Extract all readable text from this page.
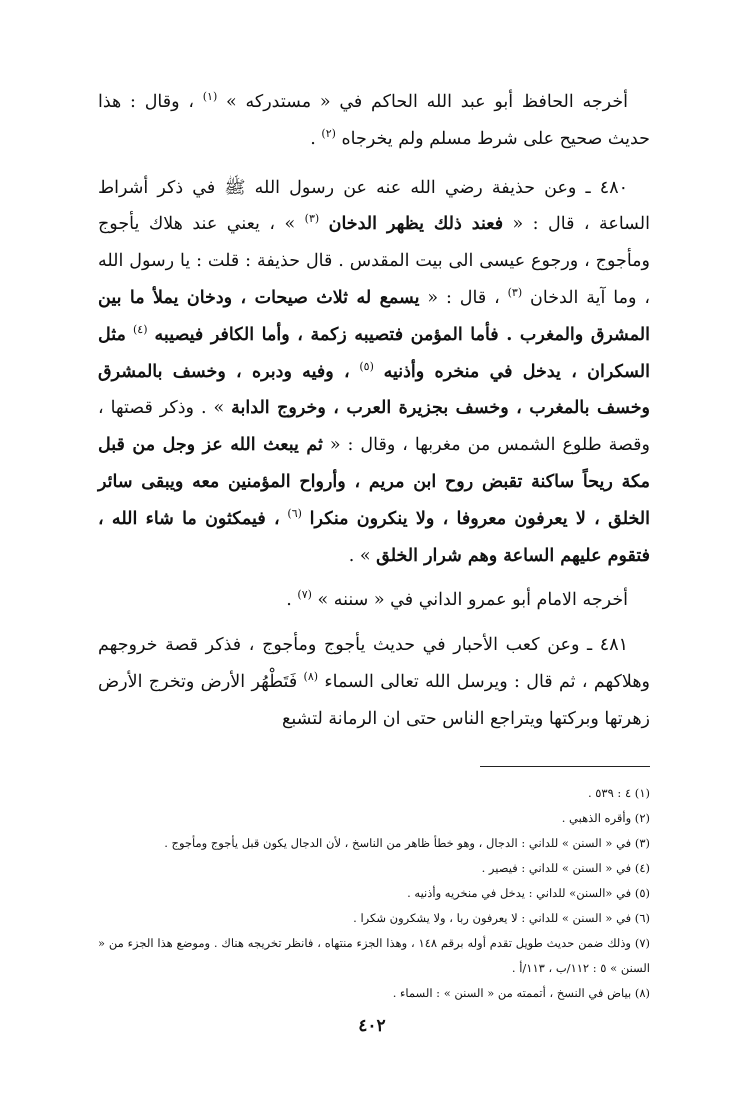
أخرجه الحافظ أبو عبد الله الحاكم في « مستدركه » $^{(١)}$ ، وقال : هذا حديث صحيح على شرط مسلم ولم يخرجاه $^{(٢)}$ .

٤٨٠ ـ وعن حذيفة رضي الله عنه عن رسول الله ﷺ في ذكر أشراط الساعة ، قال : « فعند ذلك يظهر الدخان $^{(٣)}$ » ، يعني عند هلاك يأجوج ومأجوج ، ورجوع عيسى الى بيت المقدس . قال حذيفة : قلت : يا رسول الله ، وما آية الدخان $^{(٣)}$ ، قال : « يسمع له ثلاث صيحات ، ودخان يملأ ما بين المشرق والمغرب . فأما المؤمن فتصيبه زكمة ، وأما الكافر فيصيبه $^{(٤)}$ مثل السكران ، يدخل في منخره وأذنيه $^{(٥)}$ ، وفيه ودبره ، وخسف بالمشرق وخسف بالمغرب ، وخسف بجزيرة العرب ، وخروج الدابة » . وذكر قصتها ، وقصة طلوع الشمس من مغربها ، وقال : « ثم يبعث الله عز وجل من قبل مكة ريحاً ساكنة تقبض روح ابن مريم ، وأرواح المؤمنين معه ويبقى سائر الخلق ، لا يعرفون معروفا ، ولا ينكرون منكرا $^{(٦)}$ ، فيمكثون ما شاء الله ، فتقوم عليهم الساعة وهم شرار الخلق » .

أخرجه الامام أبو عمرو الداني في « سننه » $^{(٧)}$ .

٤٨١ ـ وعن كعب الأحبار في حديث يأجوج ومأجوج ، فذكر قصة خروجهم وهلاكهم ، ثم قال : ويرسل الله تعالى السماء $^{(٨)}$ فَتَطْهُر الأرض وتخرج الأرض زهرتها وبركتها ويتراجع الناس حتى ان الرمانة لتشبع

(١) ٤ : ٥٣٩ .

(٢) وأقره الذهبي .

(٣) في « السنن » للداني : الدجال ، وهو خطأ ظاهر من الناسخ ، لأن الدجال يكون قبل يأجوج ومأجوج .

(٤) في « السنن » للداني : فيصير .

(٥) في «السنن» للداني : يدخل في منخريه وأذنيه .

(٦) في « السنن » للداني : لا يعرفون ربا ، ولا يشكرون شكرا .

(٧) وذلك ضمن حديث طويل تقدم أوله برقم ١٤٨ ، وهذا الجزء منتهاه ، فانظر تخريجه هناك . وموضع هذا الجزء من « السنن » ٥ : ١١٢/ب ، ١١٣/أ .

(٨) بياض في النسخ ، أتممته من « السنن » : السماء .

٤٠٢
